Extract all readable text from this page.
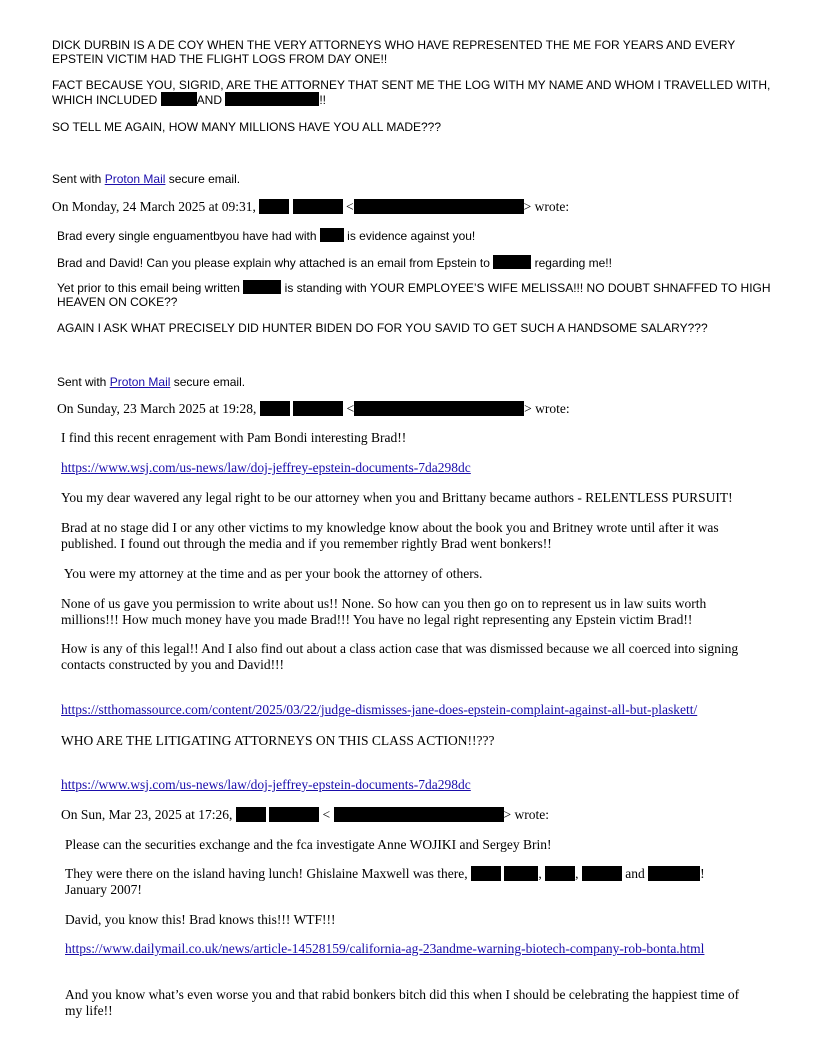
DICK DURBIN IS A DE COY WHEN THE VERY ATTORNEYS WHO HAVE REPRESENTED THE ME FOR YEARS AND EVERY
EPSTEIN VICTIM HAD THE FLIGHT LOGS FROM DAY ONE!!
FACT BECAUSE YOU, SIGRID, ARE THE ATTORNEY THAT SENT ME THE LOG WITH MY NAME AND WHOM I TRAVELLED WITH,
WHICH INCLUDED	AND	!!
SO TELL ME AGAIN, HOW MANY MILLIONS HAVE YOU ALL MADE???
Sent with Proton Mail secure email.
On Monday, 24 March 2025 at 09:31,	<	> wrote:
Brad every single enguamentbyou have had with  is evidence against you!
Brad and David! Can you please explain why attached is an email from Epstein to	regarding me!!
Yet prior to this email being written	is standing with YOUR EMPLOYEE’S WIFE MELISSA!!! NO DOUBT SHNAFFED TO HIGH
HEAVEN ON COKE??
AGAIN I ASK WHAT PRECISELY DID HUNTER BIDEN DO FOR YOU SAVID TO GET SUCH A HANDSOME SALARY???
Sent with Proton Mail secure email.
On Sunday, 23 March 2025 at 19:28,	<	> wrote:
I find this recent enragement with Pam Bondi interesting Brad!!
https://www.wsj.com/us-news/law/doj-jeffrey-epstein-documents-7da298dc
You my dear wavered any legal right to be our attorney when you and Brittany became authors - RELENTLESS PURSUIT!
Brad at no stage did I or any other victims to my knowledge know about the book you and Britney wrote until after it was
published. I found out through the media and if you remember rightly Brad went bonkers!!
You were my attorney at the time and as per your book the attorney of others.
None of us gave you permission to write about us!! None. So how can you then go on to represent us in law suits worth
millions!!! How much money have you made Brad!!! You have no legal right representing any Epstein victim Brad!!
How is any of this legal!! And I also find out about a class action case that was dismissed because we all coerced into signing
contacts constructed by you and David!!!
https://stthomassource.com/content/2025/03/22/judge-dismisses-jane-does-epstein-complaint-against-all-but-plaskett/
WHO ARE THE LITIGATING ATTORNEYS ON THIS CLASS ACTION!!???
https://www.wsj.com/us-news/law/doj-jeffrey-epstein-documents-7da298dc
On Sun, Mar 23, 2025 at 17:26,	<	> wrote:
Please can the securities exchange and the fca investigate Anne WOJIKI and Sergey Brin!
They were there on the island having lunch! Ghislaine Maxwell was there,	, ,	and	!
January 2007!
David, you know this! Brad knows this!!! WTF!!!
https://www.dailymail.co.uk/news/article-14528159/california-ag-23andme-warning-biotech-company-rob-bonta.html
And you know what’s even worse you and that rabid bonkers bitch did this when I should be celebrating the happiest time of
my life!!
